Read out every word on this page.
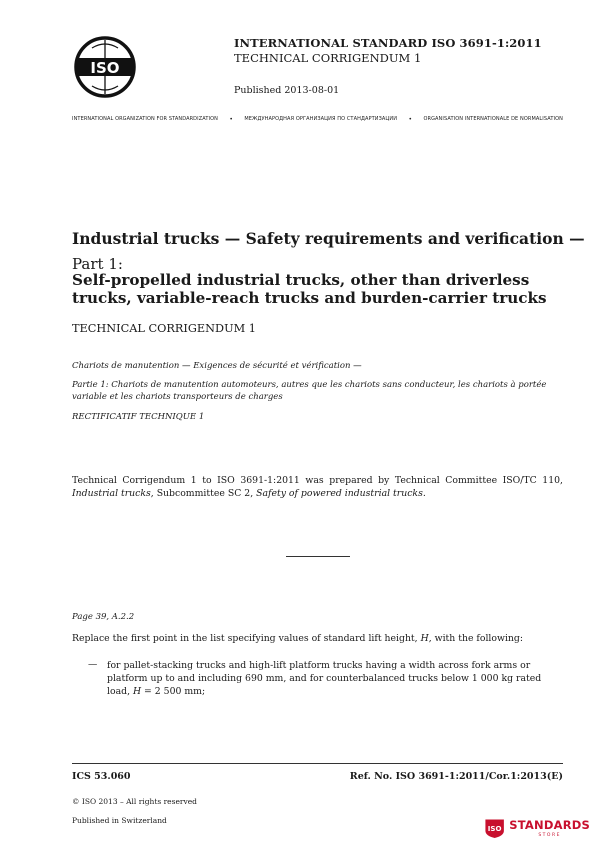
ISO
INTERNATIONAL STANDARD ISO 3691-1:2011
TECHNICAL CORRIGENDUM 1
Published 2013-08-01
INTERNATIONAL ORGANIZATION FOR STANDARDIZATION • МЕЖДУНАРОДНАЯ ОРГАНИЗАЦИЯ ПО СТАНДАРТИЗАЦИИ • ORGANISATION INTERNATIONALE DE NORMALISATION
Industrial trucks — Safety requirements and verification —
Part 1:
Self-propelled industrial trucks, other than driverless trucks, variable-reach trucks and burden-carrier trucks
TECHNICAL CORRIGENDUM 1
Chariots de manutention — Exigences de sécurité et vérification —
Partie 1: Chariots de manutention automoteurs, autres que les chariots sans conducteur, les chariots à portée variable et les chariots transporteurs de charges
RECTIFICATIF TECHNIQUE 1
Technical Corrigendum 1 to ISO 3691-1:2011 was prepared by Technical Committee ISO/TC 110, Industrial trucks, Subcommittee SC 2, Safety of powered industrial trucks.
Page 39, A.2.2
Replace the first point in the list specifying values of standard lift height, H, with the following:
— for pallet-stacking trucks and high-lift platform trucks having a width across fork arms or platform up to and including 690 mm, and for counterbalanced trucks below 1 000 kg rated load, H = 2 500 mm;
ICS 53.060	Ref. No. ISO 3691-1:2011/Cor.1:2013(E)
© ISO 2013 – All rights reserved
Published in Switzerland
ISO STANDARDS
STORE
